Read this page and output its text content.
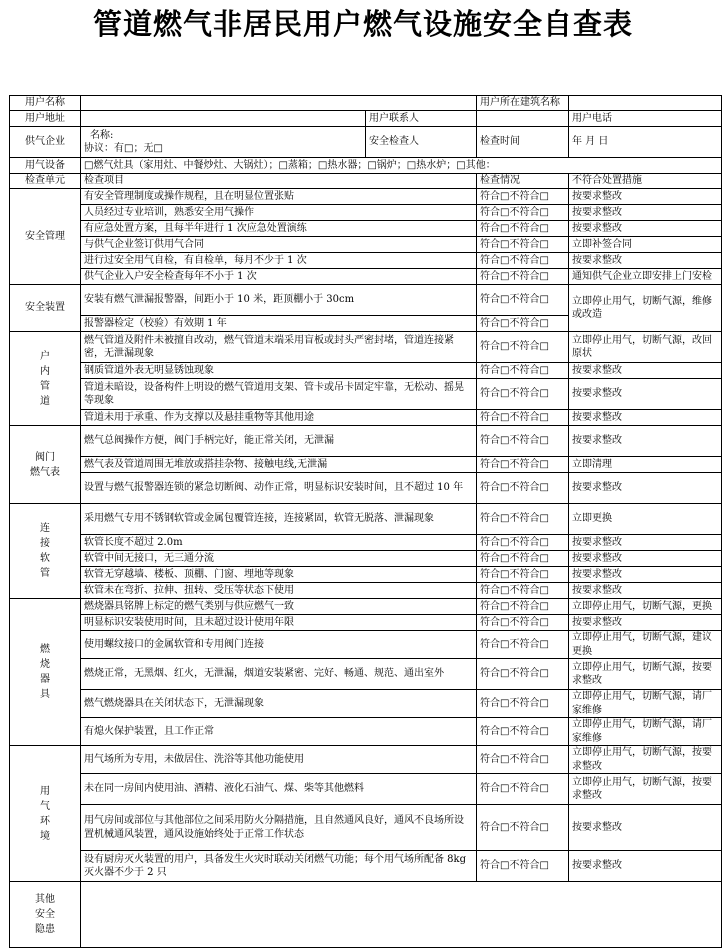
管道燃气非居民用户燃气设施安全自查表
用户名称			用户所在建筑名称	
用户地址		用户联系人		用户电话
供气企业	名称:
协议：有□；无□	安全检查人	检查时间	年 月 日
用气设备	□燃气灶具（家用灶、中餐炒灶、大锅灶）；□蒸箱；□热水器；□锅炉；□热水炉；□其他：			
检查单元	检查项目		检查情况	不符合处置措施
安全管理	有安全管理制度或操作规程，且在明显位置张贴		符合□不符合□	按要求整改
	人员经过专业培训，熟悉安全用气操作		符合□不符合□	按要求整改
	有应急处置方案，且每半年进行 1 次应急处置演练		符合□不符合□	按要求整改
	与供气企业签订供用气合同		符合□不符合□	立即补签合同
	进行过安全用气自检，有自检单，每月不少于 1 次		符合□不符合□	按要求整改
	供气企业入户安全检查每年不小于 1 次		符合□不符合□	通知供气企业立即安排上门安检
安全装置	安装有燃气泄漏报警器，间距小于 10 米，距顶棚小于 30cm		符合□不符合□	立即停止用气，切断气源，维修或改造
	报警器检定（校验）有效期 1 年		符合□不符合□	

户
内
管
道	燃气管道及附件未被擅自改动，燃气管道末端采用盲板或封头严密封堵，管道连接紧密，无泄漏现象		符合□不符合□	立即停止用气，切断气源，改回原状
	钢质管道外表无明显锈蚀现象		符合□不符合□	按要求整改
	管道未暗设，设备构件上明设的燃气管道用支架、管卡或吊卡固定牢靠，无松动、摇晃等现象		符合□不符合□	按要求整改
	管道未用于承重、作为支撑以及悬挂重物等其他用途		符合□不符合□	按要求整改

阀门
燃气表	燃气总阀操作方便，阀门手柄完好，能正常关闭，无泄漏		符合□不符合□	按要求整改
	燃气表及管道周围无堆放或搭挂杂物、接触电线,无泄漏		符合□不符合□	立即清理
	设置与燃气报警器连锁的紧急切断阀、动作正常，明显标识安装时间，且不超过 10 年		符合□不符合□	按要求整改

连
接
软
管	采用燃气专用不锈钢软管或金属包覆管连接，连接紧固，软管无脱落、泄漏现象		符合□不符合□	立即更换
	软管长度不超过 2.0m		符合□不符合□	按要求整改
	软管中间无接口，无三通分流		符合□不符合□	按要求整改
	软管无穿越墙、楼板、顶棚、门窗、埋地等现象		符合□不符合□	按要求整改
	软管未在弯折、拉伸、扭转、受压等状态下使用		符合□不符合□	按要求整改

燃
烧
器
具	燃烧器具铭牌上标定的燃气类别与供应燃气一致		符合□不符合□	立即停止用气，切断气源，更换
	明显标识安装使用时间，且未超过设计使用年限		符合□不符合□	按要求整改
	使用螺纹接口的金属软管和专用阀门连接		符合□不符合□	立即停止用气，切断气源，建议更换
	燃烧正常，无黑烟、红火，无泄漏，烟道安装紧密、完好、畅通、规范、通出室外		符合□不符合□	立即停止用气，切断气源，按要求整改
	燃气燃烧器具在关闭状态下，无泄漏现象		符合□不符合□	立即停止用气，切断气源，请厂家维修
	有熄火保护装置，且工作正常		符合□不符合□	立即停止用气，切断气源，请厂家维修

用
气
环
境	用气场所为专用，未做居住、洗浴等其他功能使用		符合□不符合□	立即停止用气，切断气源，按要求整改
	未在同一房间内使用油、酒精、液化石油气、煤、柴等其他燃料		符合□不符合□	立即停止用气，切断气源，按要求整改
	用气房间或部位与其他部位之间采用防火分隔措施，且自然通风良好，通风不良场所设置机械通风装置，通风设施始终处于正常工作状态		符合□不符合□	按要求整改
	设有厨房灭火装置的用户，具备发生火灾时联动关闭燃气功能；每个用气场所配备 8kg 灭火器不少于 2 只		符合□不符合□	按要求整改

其他
安全
隐患				
